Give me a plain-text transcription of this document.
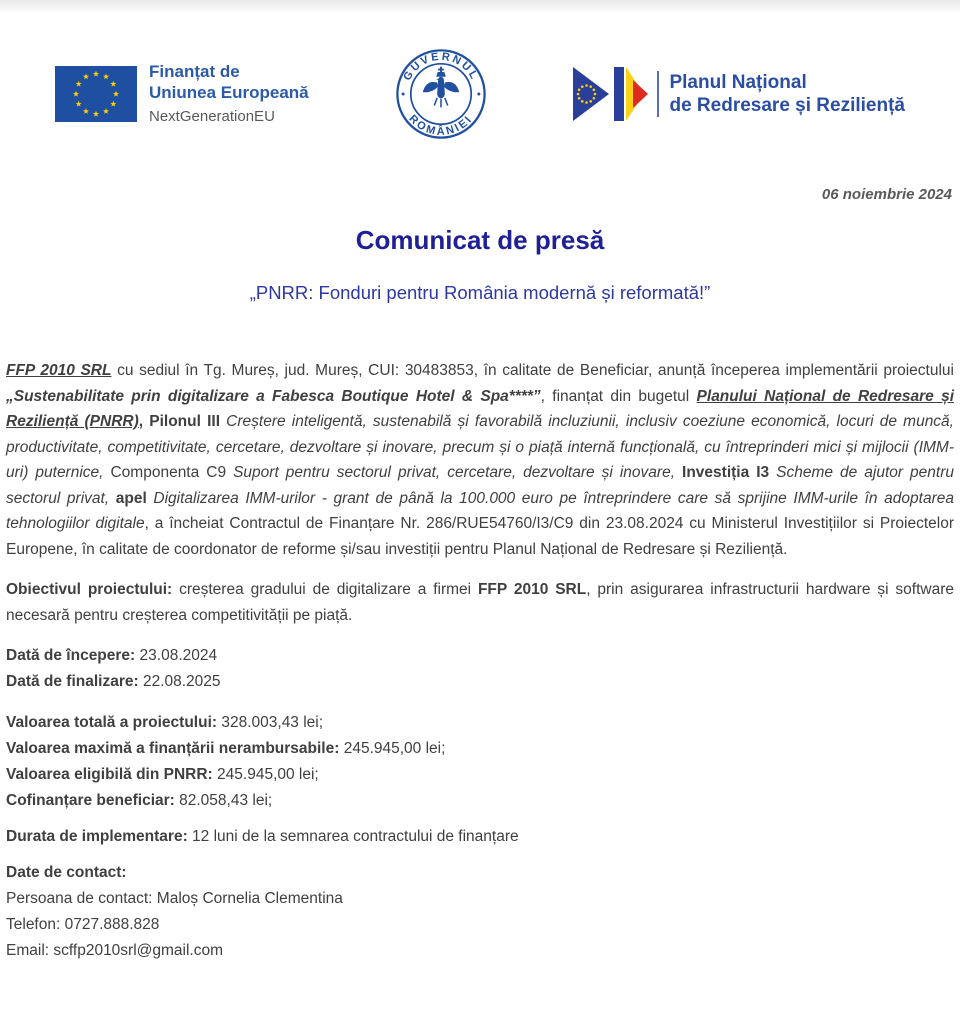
Finanțat de
Uniunea Europeană
NextGenerationEU
GUVERNUL
ROMÂNIEI
Planul Național
de Redresare și Reziliență
06 noiembrie 2024
Comunicat de presă
„PNRR: Fonduri pentru România modernă și reformată!”

FFP 2010 SRL cu sediul în Tg. Mureș, jud. Mureș, CUI: 30483853, în calitate de Beneficiar, anunță începerea implementării proiectului „Sustenabilitate prin digitalizare a Fabesca Boutique Hotel & Spa****”, finanțat din bugetul Planului Național de Redresare și Reziliență (PNRR), Pilonul III Creștere inteligentă, sustenabilă și favorabilă incluziunii, inclusiv coeziune economică, locuri de muncă, productivitate, competitivitate, cercetare, dezvoltare și inovare, precum și o piață internă funcțională, cu întreprinderi mici și mijlocii (IMM-uri) puternice, Componenta C9 Suport pentru sectorul privat, cercetare, dezvoltare și inovare, Investiția I3 Scheme de ajutor pentru sectorul privat, apel Digitalizarea IMM-urilor - grant de până la 100.000 euro pe întreprindere care să sprijine IMM-urile în adoptarea tehnologiilor digitale, a încheiat Contractul de Finanțare Nr. 286/RUE54760/I3/C9 din 23.08.2024 cu Ministerul Investițiilor si Proiectelor Europene, în calitate de coordonator de reforme și/sau investiții pentru Planul Național de Redresare și Reziliență.

Obiectivul proiectului: creșterea gradului de digitalizare a firmei FFP 2010 SRL, prin asigurarea infrastructurii hardware și software necesară pentru creșterea competitivității pe piață.

Dată de începere: 23.08.2024
Dată de finalizare: 22.08.2025
Valoarea totală a proiectului: 328.003,43 lei;
Valoarea maximă a finanțării nerambursabile: 245.945,00 lei;
Valoarea eligibilă din PNRR: 245.945,00 lei;
Cofinanțare beneficiar: 82.058,43 lei;
Durata de implementare: 12 luni de la semnarea contractului de finanțare
Date de contact:
Persoana de contact: Maloș Cornelia Clementina
Telefon: 0727.888.828
Email: scffp2010srl@gmail.com
